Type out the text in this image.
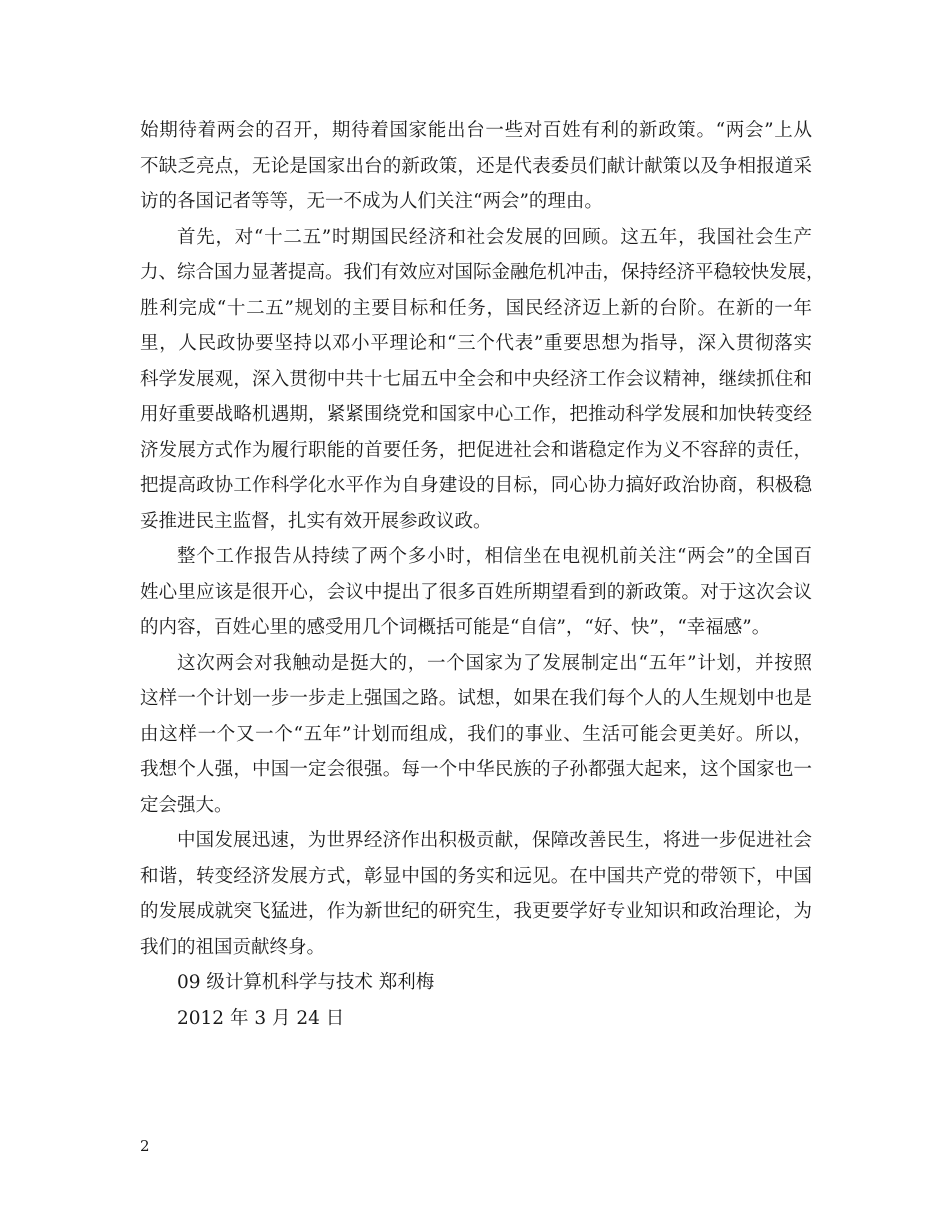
始期待着两会的召开，期待着国家能出台一些对百姓有利的新政策。“两会”上从
不缺乏亮点，无论是国家出台的新政策，还是代表委员们献计献策以及争相报道采
访的各国记者等等，无一不成为人们关注“两会”的理由。
首先，对“十二五”时期国民经济和社会发展的回顾。这五年，我国社会生产
力、综合国力显著提高。我们有效应对国际金融危机冲击，保持经济平稳较快发展，
胜利完成“十二五”规划的主要目标和任务，国民经济迈上新的台阶。在新的一年
里，人民政协要坚持以邓小平理论和“三个代表”重要思想为指导，深入贯彻落实
科学发展观，深入贯彻中共十七届五中全会和中央经济工作会议精神，继续抓住和
用好重要战略机遇期，紧紧围绕党和国家中心工作，把推动科学发展和加快转变经
济发展方式作为履行职能的首要任务，把促进社会和谐稳定作为义不容辞的责任，
把提高政协工作科学化水平作为自身建设的目标，同心协力搞好政治协商，积极稳
妥推进民主监督，扎实有效开展参政议政。
整个工作报告从持续了两个多小时，相信坐在电视机前关注“两会”的全国百
姓心里应该是很开心，会议中提出了很多百姓所期望看到的新政策。对于这次会议
的内容，百姓心里的感受用几个词概括可能是“自信”，“好、快”，“幸福感”。
这次两会对我触动是挺大的，一个国家为了发展制定出“五年”计划，并按照
这样一个计划一步一步走上强国之路。试想，如果在我们每个人的人生规划中也是
由这样一个又一个“五年”计划而组成，我们的事业、生活可能会更美好。所以，
我想个人强，中国一定会很强。每一个中华民族的子孙都强大起来，这个国家也一
定会强大。
中国发展迅速，为世界经济作出积极贡献，保障改善民生，将进一步促进社会
和谐，转变经济发展方式，彰显中国的务实和远见。在中国共产党的带领下，中国
的发展成就突飞猛进，作为新世纪的研究生，我更要学好专业知识和政治理论，为
我们的祖国贡献终身。
09 级计算机科学与技术 郑利梅
2012 年 3 月 24 日
2
